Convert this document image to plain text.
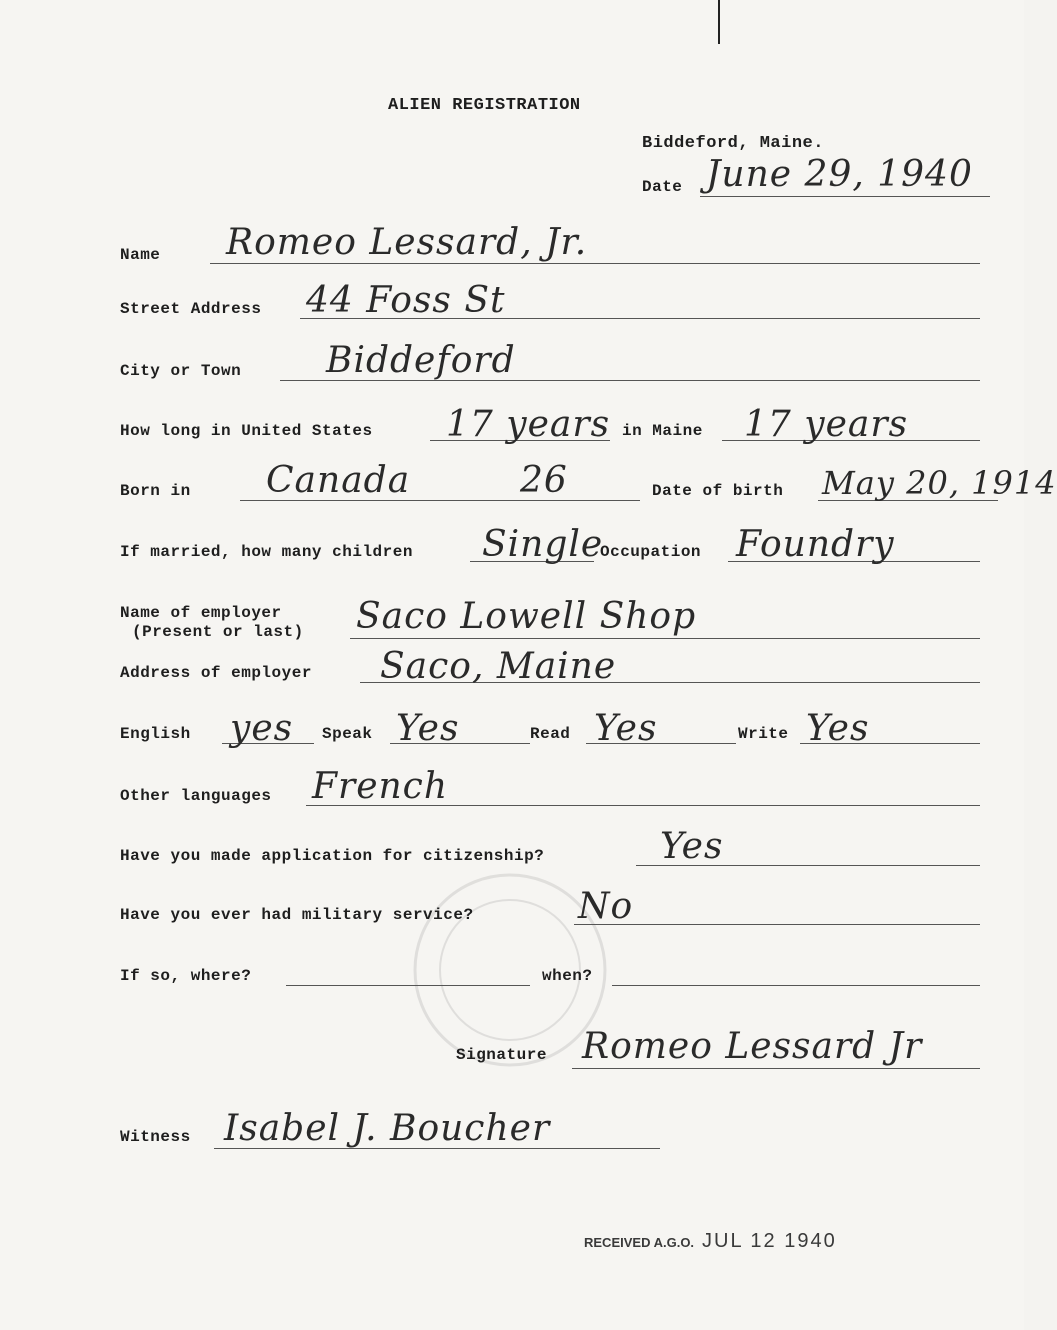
ALIEN REGISTRATION
Biddeford, Maine.
Date June 29, 1940
Name Romeo Lessard, Jr.
Street Address 44 Foss St
City or Town Biddeford
How long in United States 17 years in Maine 17 years
Born in Canada	26	Date of birth May 20, 1914
If married, how many children Single
Occupation Foundry
Name of employer
(Present or last) Saco Lowell Shop
Address of employer Saco, Maine
English yes Speak Yes	Read Yes	Write Yes
Other languages French
Have you made application for citizenship?	Yes
Have you ever had military service?	No
If so, where?	when?
Signature Romeo Lessard Jr
Witness Isabel J. Boucher
RECEIVED A.G.O. JUL 12 1940
